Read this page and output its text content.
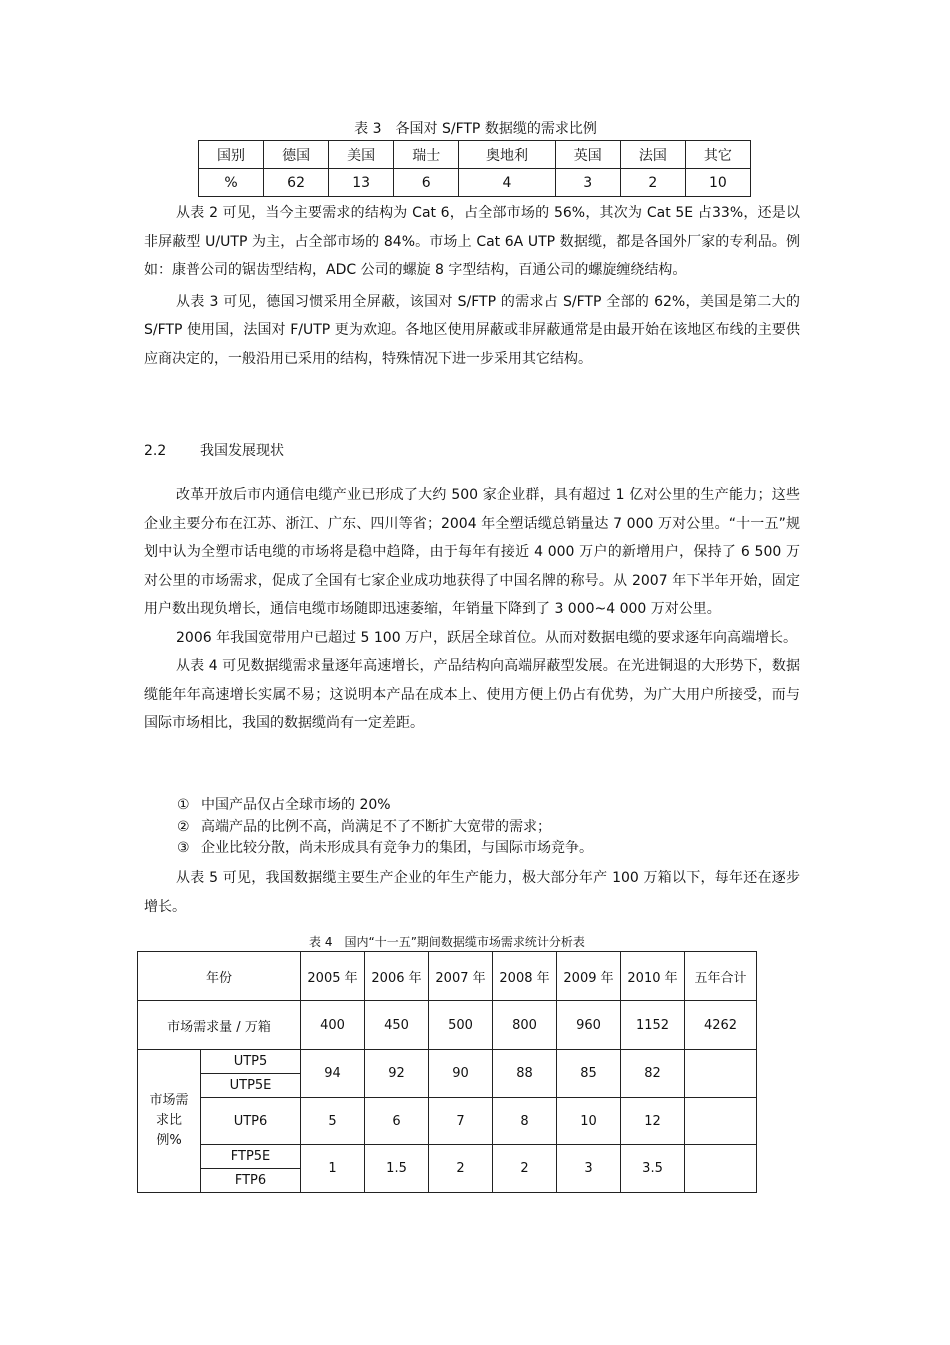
表 3　各国对 S/FTP 数据缆的需求比例
国别	德国	美国	瑞士	奥地利	英国	法国	其它
%	62	13	6	4	3	2	10

从表 2 可见，当今主要需求的结构为 Cat 6，占全部市场的 56%，其次为 Cat 5E 占33%，还是以非屏蔽型 U/UTP 为主，占全部市场的 84%。市场上 Cat 6A UTP 数据缆，都是各国外厂家的专利品。例如：康普公司的锯齿型结构，ADC 公司的螺旋 8 字型结构，百通公司的螺旋缠绕结构。

从表 3 可见，德国习惯采用全屏蔽，该国对 S/FTP 的需求占 S/FTP 全部的 62%，美国是第二大的 S/FTP 使用国，法国对 F/UTP 更为欢迎。各地区使用屏蔽或非屏蔽通常是由最开始在该地区布线的主要供应商决定的，一般沿用已采用的结构，特殊情况下进一步采用其它结构。

2.2 我国发展现状

改革开放后市内通信电缆产业已形成了大约 500 家企业群，具有超过 1 亿对公里的生产能力；这些企业主要分布在江苏、浙江、广东、四川等省；2004 年全塑话缆总销量达 7 000 万对公里。“十一五”规划中认为全塑市话电缆的市场将是稳中趋降，由于每年有接近 4 000 万户的新增用户，保持了 6 500 万对公里的市场需求，促成了全国有七家企业成功地获得了中国名牌的称号。从 2007 年下半年开始，固定用户数出现负增长，通信电缆市场随即迅速萎缩，年销量下降到了 3 000~4 000 万对公里。

2006 年我国宽带用户已超过 5 100 万户，跃居全球首位。从而对数据电缆的要求逐年向高端增长。

从表 4 可见数据缆需求量逐年高速增长，产品结构向高端屏蔽型发展。在光进铜退的大形势下，数据缆能年年高速增长实属不易；这说明本产品在成本上、使用方便上仍占有优势，为广大用户所接受，而与国际市场相比，我国的数据缆尚有一定差距。

① 中国产品仅占全球市场的 20%
② 高端产品的比例不高，尚满足不了不断扩大宽带的需求；
③ 企业比较分散，尚未形成具有竞争力的集团，与国际市场竞争。

从表 5 可见，我国数据缆主要生产企业的年生产能力，极大部分年产 100 万箱以下，每年还在逐步增长。

表 4　国内“十一五”期间数据缆市场需求统计分析表
年份		2005 年	2006 年	2007 年	2008 年	2009 年	2010 年	五年合计
市场需求量 / 万箱		400	450	500	800	960	1152	4262
市场需求比例%	UTP5	94	92	90	88	85	82	
	UTP5E							
	UTP6	5	6	7	8	10	12	
	FTP5E	1	1.5	2	2	3	3.5	
	FTP6							
